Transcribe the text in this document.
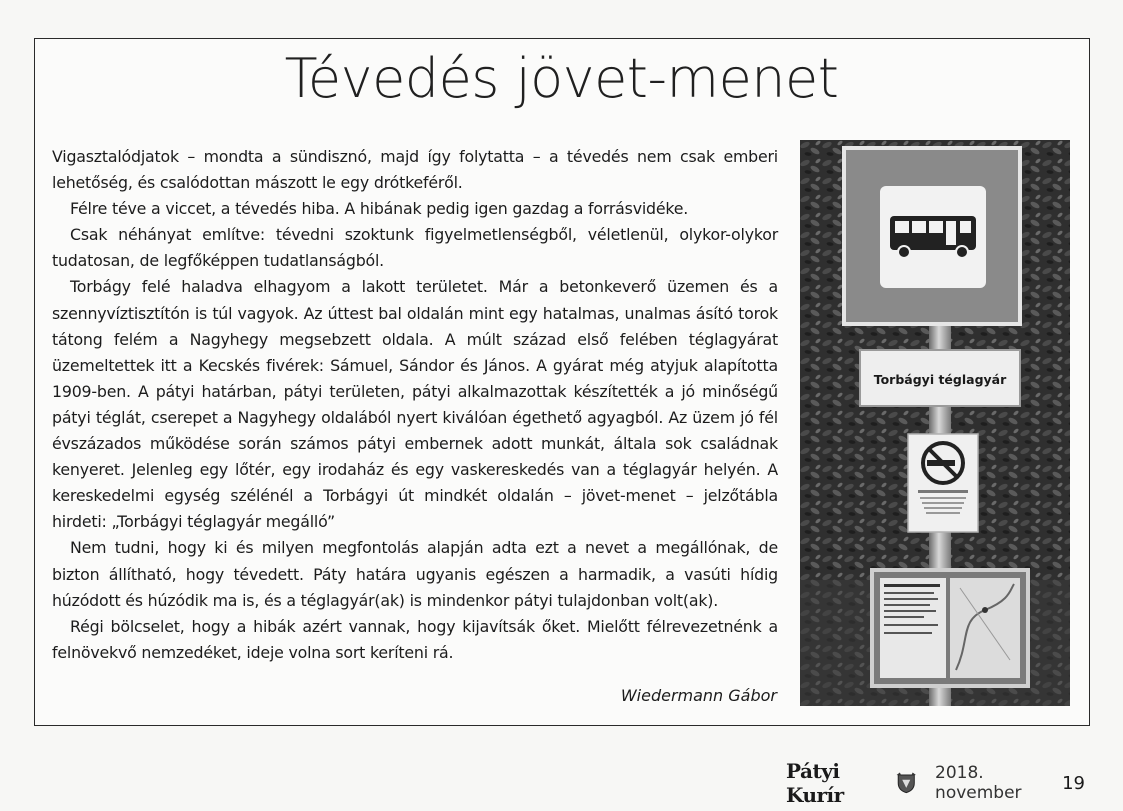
Tévedés jövet-menet

Vigasztalódjatok – mondta a sündisznó, majd így folytatta – a tévedés nem csak emberi lehetőség, és csalódottan mászott le egy drótkeféről.

Félre téve a viccet, a tévedés hiba. A hibának pedig igen gazdag a forrásvidéke.

Csak néhányat említve: tévedni szoktunk figyelmetlenségből, véletlenül, olykor-olykor tudatosan, de legfőképpen tudatlanságból.

Torbágy felé haladva elhagyom a lakott területet. Már a betonkeverő üzemen és a szennyvíztisztítón is túl vagyok. Az úttest bal oldalán mint egy hatalmas, unalmas ásító torok tátong felém a Nagyhegy megsebzett oldala. A múlt század első felében téglagyárat üzemeltettek itt a Kecskés fivérek: Sámuel, Sándor és János. A gyárat még atyjuk alapította 1909-ben. A pátyi határban, pátyi területen, pátyi alkalmazottak készítették a jó minőségű pátyi téglát, cserepet a Nagyhegy oldalából nyert kiválóan égethető agyagból. Az üzem jó fél évszázados működése során számos pátyi embernek adott munkát, általa sok családnak kenyeret. Jelenleg egy lőtér, egy irodaház és egy vaskereskedés van a téglagyár helyén. A kereskedelmi egység szélénél a Torbágyi út mindkét oldalán – jövet-menet – jelzőtábla hirdeti: „Torbágyi téglagyár megálló”

Nem tudni, hogy ki és milyen megfontolás alapján adta ezt a nevet a megállónak, de bizton állítható, hogy tévedett. Páty határa ugyanis egészen a harmadik, a vasúti hídig húzódott és húzódik ma is, és a téglagyár(ak) is mindenkor pátyi tulajdonban volt(ak).

Régi bölcselet, hogy a hibák azért vannak, hogy kijavítsák őket. Mielőtt félrevezetnénk a felnövekvő nemzedéket, ideje volna sort keríteni rá.

Wiedermann Gábor
Torbágyi téglagyár
Pátyi Kurír
2018. november	19
